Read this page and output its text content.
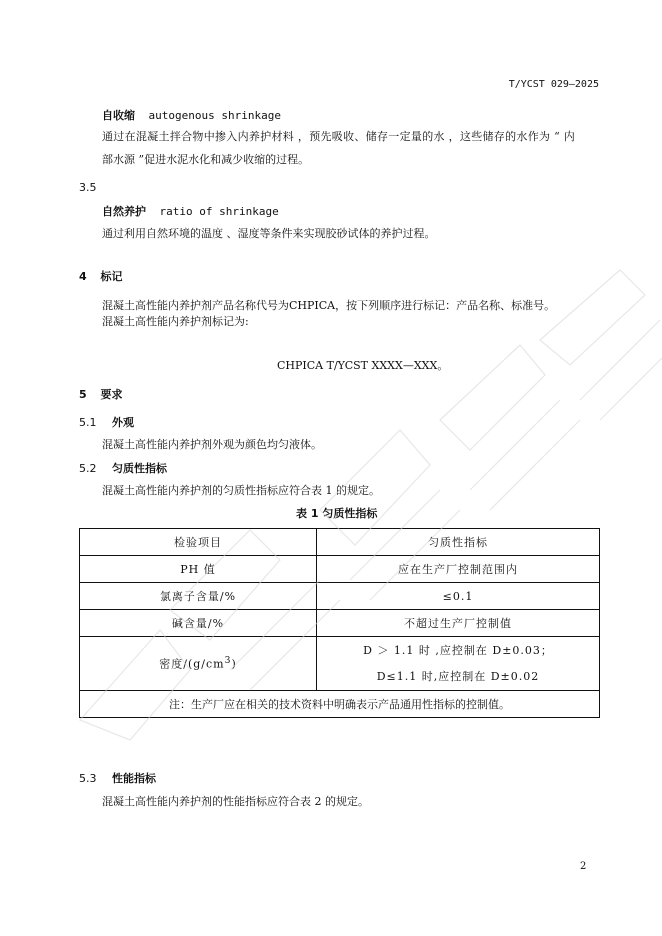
T/YCST 029—2025
自收缩 autogenous shrinkage
通过在混凝土拌合物中掺入内养护材料 ，预先吸收、储存一定量的水 ，这些储存的水作为 “ 内
部水源 ”促进水泥水化和减少收缩的过程。
3.5
自然养护 ratio of shrinkage
通过利用自然环境的温度 、湿度等条件来实现胶砂试体的养护过程。
4 标记
混凝土高性能内养护剂产品名称代号为CHPICA，按下列顺序进行标记：产品名称、标准号。
混凝土高性能内养护剂标记为:
CHPICA T/YCST XXXX—XXX。
5 要求
5.1 外观
混凝土高性能内养护剂外观为颜色均匀液体。
5.2 匀质性指标
混凝土高性能内养护剂的匀质性指标应符合表 1 的规定。
表 1 匀质性指标
检验项目	匀质性指标
PH 值	应在生产厂控制范围内
氯离子含量/%	≤0.1
碱含量/%	不超过生产厂控制值
密度$/(g/cm^3)$	D ＞ 1.1 时 ,应控制在 D±0.03；
D≤1.1 时,应控制在 D±0.02

注：生产厂应在相关的技术资料中明确表示产品通用性指标的控制值。	
5.3 性能指标
混凝土高性能内养护剂的性能指标应符合表 2 的规定。
2
